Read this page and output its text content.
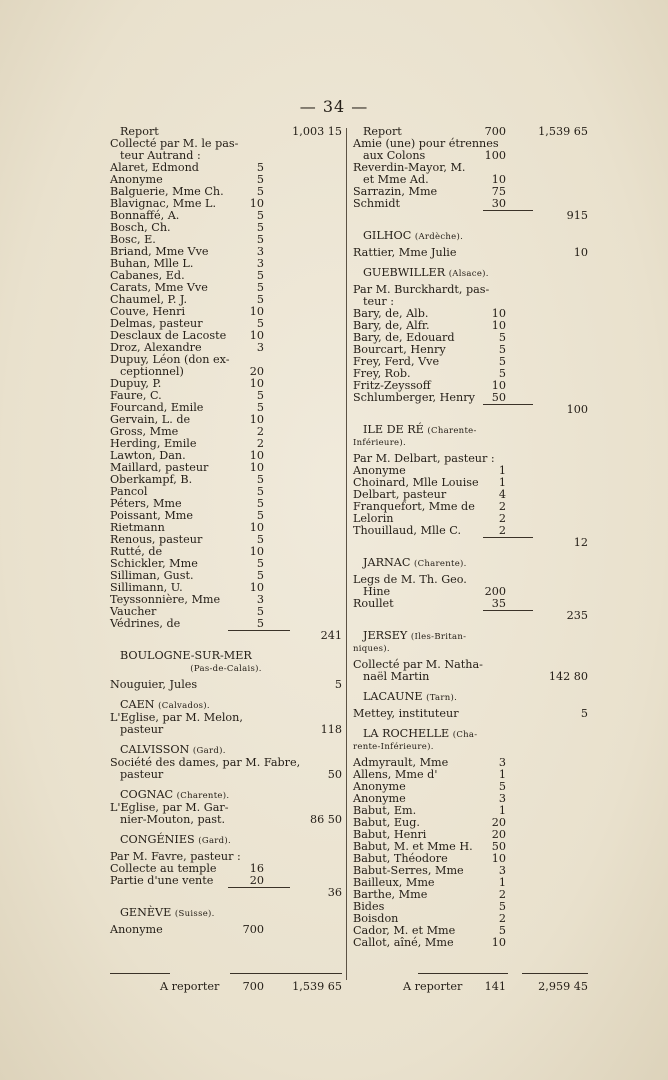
— 34 —
Report	1,003 15
Collecté par M. le pas-
teur Autrand :
Alaret, Edmond	5
Anonyme	5
Balguerie, Mme Ch.	5
Blavignac, Mme L.	10
Bonnaffé, A.	5
Bosch, Ch.	5
Bosc, E.	5
Briand, Mme Vve	3
Buhan, Mlle L.	3
Cabanes, Ed.	5
Carats, Mme Vve	5
Chaumel, P. J.	5
Couve, Henri	10
Delmas, pasteur	5
Desclaux de Lacoste 10
Droz, Alexandre	3
Dupuy, Léon (don ex-
ceptionnel)	20
Dupuy, P.	10
Faure, C.	5
Fourcand, Emile	5
Gervain, L. de	10
Gross, Mme	2
Herding, Emile	2
Lawton, Dan.	10
Maillard, pasteur	10
Oberkampf, B.	5
Pancol	5
Péters, Mme	5
Poissant, Mme	5
Rietmann	10
Renous, pasteur	5
Rutté, de	10
Schickler, Mme	5
Silliman, Gust.	5
Sillimann, U.	10
Teyssonnière, Mme	3
Vaucher	5
Védrines, de	5
241
BOULOGNE-SUR-MER
(Pas-de-Calais).
Nouguier, Jules	5
CAEN (Calvados).
L'Eglise, par M. Melon,
pasteur	118
CALVISSON (Gard).
Société des dames, par M. Fabre,
pasteur	50
COGNAC (Charente).
L'Eglise, par M. Gar-
nier-Mouton, past.	86 50
CONGÉNIES (Gard).
Par M. Favre, pasteur :
Collecte au temple	16
Partie d'une vente	20
36
GENÈVE (Suisse).
Anonyme	700
Report	700	1,539 65
Amie (une) pour étrennes
aux Colons	100
Reverdin-Mayor, M.
et Mme Ad.	10
Sarrazin, Mme	75
Schmidt	30
915
GILHOC (Ardèche).
Rattier, Mme Julie	10
GUEBWILLER (Alsace).
Par M. Burckhardt, pas-
teur :
Bary, de, Alb.	10
Bary, de, Alfr.	10
Bary, de, Edouard	5
Bourcart, Henry	5
Frey, Ferd, Vve	5
Frey, Rob.	5
Fritz-Zeyssoff	10
Schlumberger, Henry 50
100
ILE DE RÉ (Charente-
Inférieure).
Par M. Delbart, pasteur :
Anonyme	1
Choinard, Mlle Louise 1
Delbart, pasteur	4
Franquefort, Mme de 2
Lelorin	2
Thouillaud, Mlle C.	2
12
JARNAC (Charente).
Legs de M. Th. Geo.
Hine	200
Roullet	35
235
JERSEY (Iles-Britan-
niques).
Collecté par M. Natha-
naël Martin	142 80
LACAUNE (Tarn).
Mettey, instituteur	5
LA ROCHELLE (Cha-
rente-Inférieure).
Admyrault, Mme	3
Allens, Mme d'	1
Anonyme	5
Anonyme	3
Babut, Em.	1
Babut, Eug.	20
Babut, Henri	20
Babut, M. et Mme H. 50
Babut, Théodore	10
Babut-Serres, Mme	3
Bailleux, Mme	1
Barthe, Mme	2
Bides	5
Boisdon	2
Cador, M. et Mme	5
Callot, aîné, Mme	10
A reporter 700	1,539 65	A reporter 141	2,959 45
